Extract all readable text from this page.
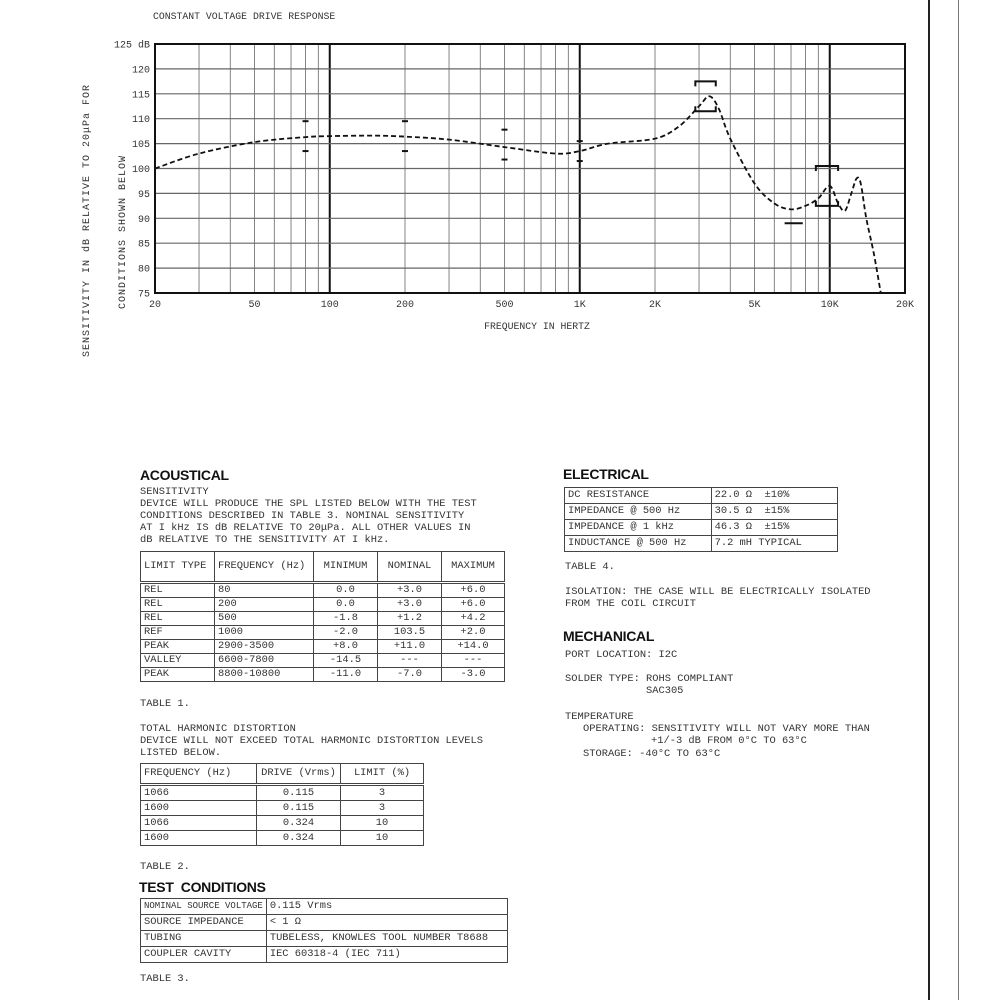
CONSTANT VOLTAGE DRIVE RESPONSE
125 dB
120
115
110
105
100
95
90
85
80
75
20	50	100	200	500	1K	2K	5K	10K	20K

SENSITIVITY IN dB RELATIVE TO 20μPa FOR

	CONDITIONS SHOWN BELOW

FREQUENCY IN HERTZ
ACOUSTICAL
SENSITIVITY
DEVICE WILL PRODUCE THE SPL LISTED BELOW WITH THE TEST
CONDITIONS DESCRIBED IN TABLE 3. NOMINAL SENSITIVITY
AT I kHz IS dB RELATIVE TO 20μPa. ALL OTHER VALUES IN
dB RELATIVE TO THE SENSITIVITY AT I kHz.
LIMIT TYPE	FREQUENCY (Hz)	MINIMUM	NOMINAL	MAXIMUM
REL	80	0.0	+3.0	+6.0
REL	200	0.0	+3.0	+6.0
REL	500	-1.8	+1.2	+4.2
REF	1000	-2.0	103.5	+2.0
PEAK	2900-3500	+8.0	+11.0	+14.0
VALLEY	6600-7800	-14.5	---	---
PEAK	8800-10800	-11.0	-7.0	-3.0
TABLE 1.
TOTAL HARMONIC DISTORTION
DEVICE WILL NOT EXCEED TOTAL HARMONIC DISTORTION LEVELS
LISTED BELOW.
FREQUENCY (Hz)	DRIVE (Vrms)	LIMIT (%)
1066	0.115	3
1600	0.115	3
1066	0.324	10
1600	0.324	10
TABLE 2.
TEST  CONDITIONS
NOMINAL SOURCE VOLTAGE	0.115 Vrms
SOURCE IMPEDANCE	< 1 Ω
TUBING	TUBELESS, KNOWLES TOOL NUMBER T8688
COUPLER CAVITY	IEC 60318-4 (IEC 711)
TABLE 3.
ELECTRICAL
DC RESISTANCE	22.0 Ω  ±10%
IMPEDANCE @ 500 Hz	30.5 Ω  ±15%
IMPEDANCE @ 1 kHz	46.3 Ω  ±15%
INDUCTANCE @ 500 Hz	7.2 mH TYPICAL
TABLE 4.
ISOLATION: THE CASE WILL BE ELECTRICALLY ISOLATED
FROM THE COIL CIRCUIT
MECHANICAL
PORT LOCATION: I2C
SOLDER TYPE: ROHS COMPLIANT
SAC305
TEMPERATURE
OPERATING: SENSITIVITY WILL NOT VARY MORE THAN
+1/-3 dB FROM 0°C TO 63°C
STORAGE: -40°C TO 63°C
